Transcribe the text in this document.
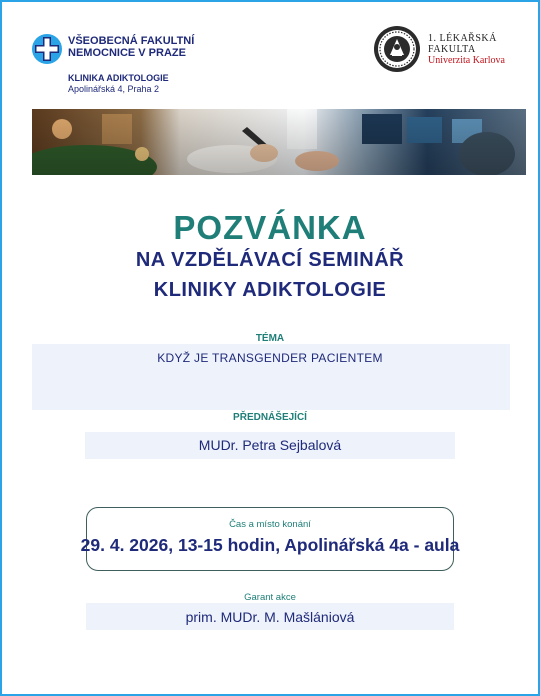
VŠEOBECNÁ FAKULTNÍ
NEMOCNICE V PRAZE
KLINIKA ADIKTOLOGIE
Apolinářská 4, Praha 2
1. LÉKAŘSKÁ
FAKULTA
Univerzita Karlova
POZVÁNKA
NA VZDĚLÁVACÍ SEMINÁŘ
KLINIKY ADIKTOLOGIE
TÉMA
KDYŽ JE TRANSGENDER PACIENTEM
PŘEDNÁŠEJÍCÍ
MUDr. Petra Sejbalová
Čas a místo konání
29. 4. 2026, 13-15 hodin, Apolinářská 4a - aula
Garant akce
prim. MUDr. M. Mašlániová
